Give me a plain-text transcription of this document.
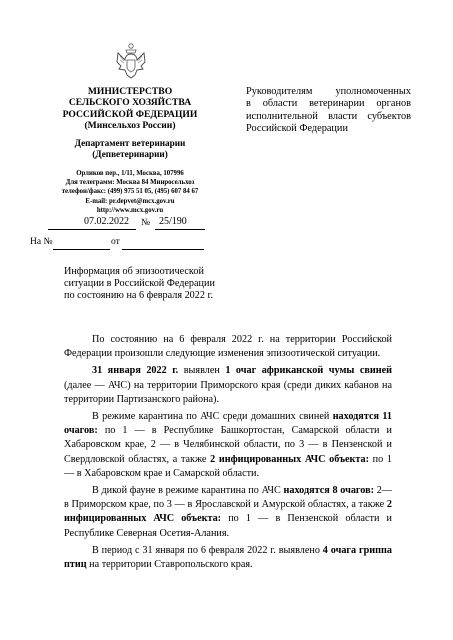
МИНИСТЕРСТВО
СЕЛЬСКОГО ХОЗЯЙСТВА
РОССИЙСКОЙ ФЕДЕРАЦИИ
(Минсельхоз России)
Департамент ветеринарии
(Депветеринарии)
Орликов пер., 1/11, Москва, 107996
Для телеграмм: Москва 84 Минросельхоз
телефон/факс: (499) 975 51 05, (495) 607 84 67
E-mail: pr.depvet@mcx.gov.ru
http://www.mcx.gov.ru
07.02.2022 № 25/190
На №	от
Руководителям уполномоченных
в области ветеринарии органов
исполнительной власти субъектов
Российской Федерации
Информация об эпизоотической
ситуации в Российской Федерации
по состоянию на 6 февраля 2022 г.

По состоянию на 6 февраля 2022 г. на территории Российской Федерации произошли следующие изменения эпизоотической ситуации.

31 января 2022 г. выявлен 1 очаг африканской чумы свиней (далее — АЧС) на территории Приморского края (среди диких кабанов на территории Партизанского района).

В режиме карантина по АЧС среди домашних свиней находятся 11 очагов: по 1 — в Республике Башкортостан, Самарской области и Хабаровском крае, 2 — в Челябинской области, по 3 — в Пензенской и Свердловской областях, а также 2 инфицированных АЧС объекта: по 1 — в Хабаровском крае и Самарской области.

В дикой фауне в режиме карантина по АЧС находятся 8 очагов: 2— в Приморском крае, по 3 — в Ярославской и Амурской областях, а также 2 инфицированных АЧС объекта: по 1 — в Пензенской области и Республике Северная Осетия-Алания.

В период с 31 января по 6 февраля 2022 г. выявлено 4 очага гриппа птиц на территории Ставропольского края.
